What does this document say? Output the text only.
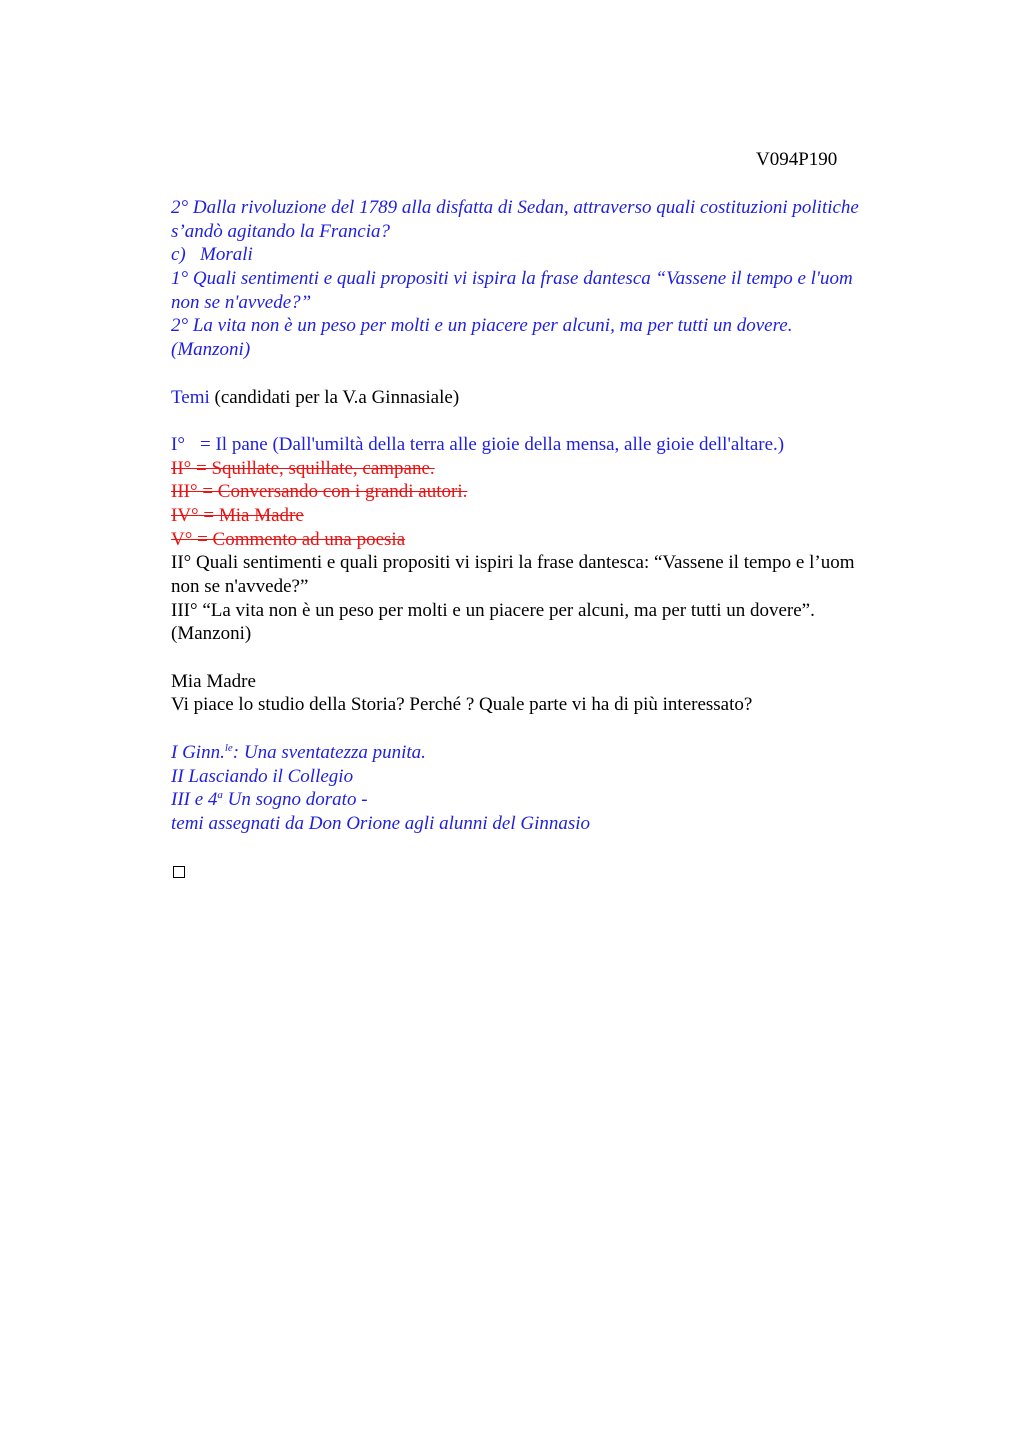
V094P190
2° Dalla rivoluzione del 1789 alla disfatta di Sedan, attraverso quali costituzioni politiche
s’andò agitando la Francia?
c) Morali
1° Quali sentimenti e quali propositi vi ispira la frase dantesca “Vassene il tempo e l'uom
non se n'avvede?”
2° La vita non è un peso per molti e un piacere per alcuni, ma per tutti un dovere.
(Manzoni)
Temi (candidati per la V.a Ginnasiale)
I° = Il pane (Dall'umiltà della terra alle gioie della mensa, alle gioie dell'altare.)
II° = Squillate, squillate, campane.
III° = Conversando con i grandi autori.
IV° = Mia Madre
V° = Commento ad una poesia
II° Quali sentimenti e quali propositi vi ispiri la frase dantesca: “Vassene il tempo e l’uom
non se n'avvede?”
III° “La vita non è un peso per molti e un piacere per alcuni, ma per tutti un dovere”.
(Manzoni)
Mia Madre
Vi piace lo studio della Storia? Perché ? Quale parte vi ha di più interessato?
I Ginn.$^{le}$: Una sventatezza punita.
II Lasciando il Collegio
III e 4$^a$ Un sogno dorato -
temi assegnati da Don Orione agli alunni del Ginnasio
